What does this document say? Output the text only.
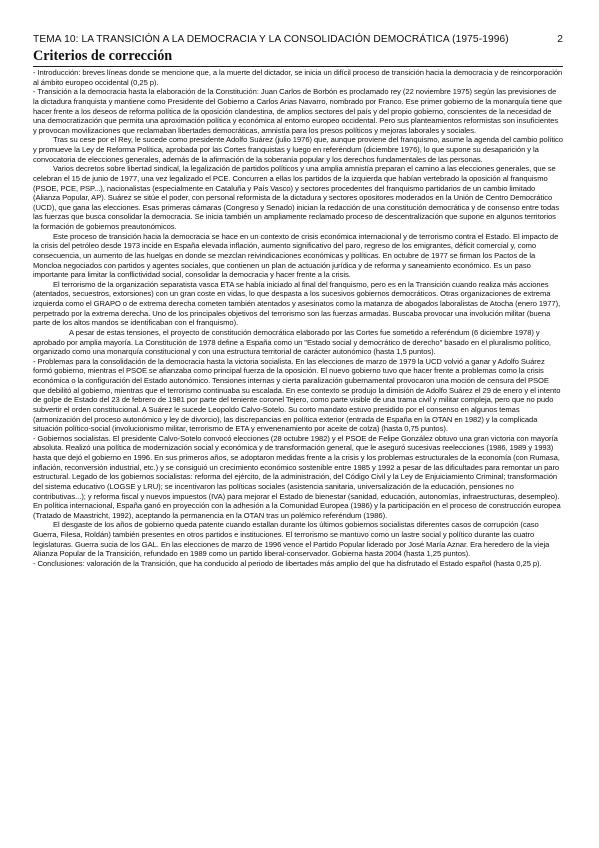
TEMA 10: LA TRANSICIÓN A LA DEMOCRACIA Y LA CONSOLIDACIÓN DEMOCRÁTICA (1975-1996)	2
Criterios de corrección

- Introducción: breves líneas donde se mencione que, a la muerte del dictador, se inicia un difícil proceso de transición hacia la democracia y de reincorporación al ámbito europeo occidental (0,25 p).

- Transición a la democracia hasta la elaboración de la Constitución: Juan Carlos de Borbón es proclamado rey (22 noviembre 1975) según las previsiones de la dictadura franquista y mantiene como Presidente del Gobierno a Carlos Arias Navarro, nombrado por Franco. Ese primer gobierno de la monarquía tiene que hacer frente a los deseos de reforma política de la oposición clandestina, de amplios sectores del país y del propio gobierno, conscientes de la necesidad de una democratización que permita una aproximación política y económica al entorno europeo occidental. Pero sus planteamientos reformistas son insuficientes y provocan movilizaciones que reclamaban libertades democráticas, amnistía para los presos políticos y mejoras laborales y sociales.

Tras su cese por el Rey, le sucede como presidente Adolfo Suárez (julio 1976) que, aunque proviene del franquismo, asume la agenda del cambio político y promueve la Ley de Reforma Política, aprobada por las Cortes franquistas y luego en referéndum (diciembre 1976), lo que supone su desaparición y la convocatoria de elecciones generales, además de la afirmación de la soberanía popular y los derechos fundamentales de las personas.

Varios decretos sobre libertad sindical, la legalización de partidos políticos y una amplia amnistía preparan el camino a las elecciones generales, que se celebran el 15 de junio de 1977, una vez legalizado el PCE. Concurren a ellas los partidos de la izquierda que habían vertebrado la oposición al franquismo (PSOE, PCE, PSP...), nacionalistas (especialmente en Cataluña y País Vasco) y sectores procedentes del franquismo partidarios de un cambio limitado (Alianza Popular, AP). Suárez se sitúe el poder, con personal reformista de la dictadura y sectores opositores moderados en la Unión de Centro Democrático (UCD), que gana las elecciones. Esas primeras cámaras (Congreso y Senado) inician la redacción de una constitución democrática y de consenso entre todas las fuerzas que busca consolidar la democracia. Se inicia también un ampliamente reclamado proceso de descentralización que supone en algunos territorios la formación de gobiernos preautonómicos.

Este proceso de transición hacia la democracia se hace en un contexto de crisis económica internacional y de terrorismo contra el Estado. El impacto de la crisis del petróleo desde 1973 incide en España elevada inflación, aumento significativo del paro, regreso de los emigrantes, déficit comercial y, como consecuencia, un aumento de las huelgas en donde se mezclan reivindicaciones económicas y políticas. En octubre de 1977 se firman los Pactos de la Moncloa negociados con partidos y agentes sociales, que contienen un plan de actuación jurídica y de reforma y saneamiento económico. Es un paso importante para limitar la conflictividad social, consolidar la democracia y hacer frente a la crisis.

El terrorismo de la organización separatista vasca ETA se había iniciado al final del franquismo, pero es en la Transición cuando realiza más acciones (atentados, secuestros, extorsiones) con un gran coste en vidas, lo que despasta a los sucesivos gobiernos democráticos. Otras organizaciones de extrema izquierda como el GRAPO o de extrema derecha cometen también atentados y asesinatos como la matanza de abogados laboralistas de Atocha (enero 1977), perpetrado por la extrema derecha. Uno de los principales objetivos del terrorismo son las fuerzas armadas. Buscaba provocar una involución militar (buena parte de los altos mandos se identificaban con el franquismo).

A pesar de estas tensiones, el proyecto de constitución democrática elaborado por las Cortes fue sometido a referéndum (6 diciembre 1978) y aprobado por amplia mayoría. La Constitución de 1978 define a España como un "Estado social y democrático de derecho" basado en el pluralismo político, organizado como una monarquía constitucional y con una estructura territorial de carácter autonómico (hasta 1,5 puntos).

- Problemas para la consolidación de la democracia hasta la victoria socialista. En las elecciones de marzo de 1979 la UCD volvió a ganar y Adolfo Suárez formó gobierno, mientras el PSOE se afianzaba como principal fuerza de la oposición. El nuevo gobierno tuvo que hacer frente a problemas como la crisis económica o la configuración del Estado autonómico. Tensiones internas y cierta paralización gubernamental provocaron una moción de censura del PSOE que debilitó al gobierno, mientras que el terrorismo continuaba su escalada. En ese contexto se produjo la dimisión de Adolfo Suárez el 29 de enero y el intento de golpe de Estado del 23 de febrero de 1981 por parte del teniente coronel Tejero, como parte visible de una trama civil y militar compleja, pero que no pudo subvertir el orden constitucional. A Suárez le sucede Leopoldo Calvo-Sotelo. Su corto mandato estuvo presidido por el consenso en algunos temas (armonización del proceso autonómico y ley de divorcio), las discrepancias en política exterior (entrada de España en la OTAN en 1982) y la complicada situación político-social (involucionismo militar, terrorismo de ETA y envenenamiento por aceite de colza) (hasta 0,75 puntos).

- Gobiernos socialistas. El presidente Calvo-Sotelo convocó elecciones (28 octubre 1982) y el PSOE de Felipe González obtuvo una gran victoria con mayoría absoluta. Realizó una política de modernización social y económica y de transformación general, que le aseguró sucesivas reelecciones (1986, 1989 y 1993) hasta que dejó el gobierno en 1996. En sus primeros años, se adoptaron medidas frente a la crisis y los problemas estructurales de la economía (con Rumasa, inflación, reconversión industrial, etc.) y se consiguió un crecimiento económico sostenible entre 1985 y 1992 a pesar de las dificultades para remontar un paro estructural. Legado de los gobiernos socialistas: reforma del ejército, de la administración, del Código Civil y la Ley de Enjuiciamiento Criminal; transformación del sistema educativo (LOGSE y LRU); se incentivaron las políticas sociales (asistencia sanitaria, universalización de la educación, pensiones no contributivas...); y reforma fiscal y nuevos impuestos (IVA) para mejorar el Estado de bienestar (sanidad, educación, autonomías, infraestructuras, desempleo). En política internacional, España ganó en proyección con la adhesión a la Comunidad Europea (1986) y la participación en el proceso de construcción europea (Tratado de Maastricht, 1992), aceptando la permanencia en la OTAN tras un polémico referéndum (1986).

El desgaste de los años de gobierno queda patente cuando estallan durante los últimos gobiernos socialistas diferentes casos de corrupción (caso Guerra, Filesa, Roldán) también presentes en otros partidos e instituciones. El terrorismo se mantuvo como un lastre social y político durante las cuatro legislaturas. Guerra sucia de los GAL. En las elecciones de marzo de 1996 vence el Partido Popular liderado por José María Aznar. Era heredero de la vieja Alianza Popular de la Transición, refundado en 1989 como un partido liberal-conservador. Gobierna hasta 2004 (hasta 1,25 puntos).

- Conclusiones: valoración de la Transición, que ha conducido al periodo de libertades más amplio del que ha disfrutado el Estado español (hasta 0,25 p).
